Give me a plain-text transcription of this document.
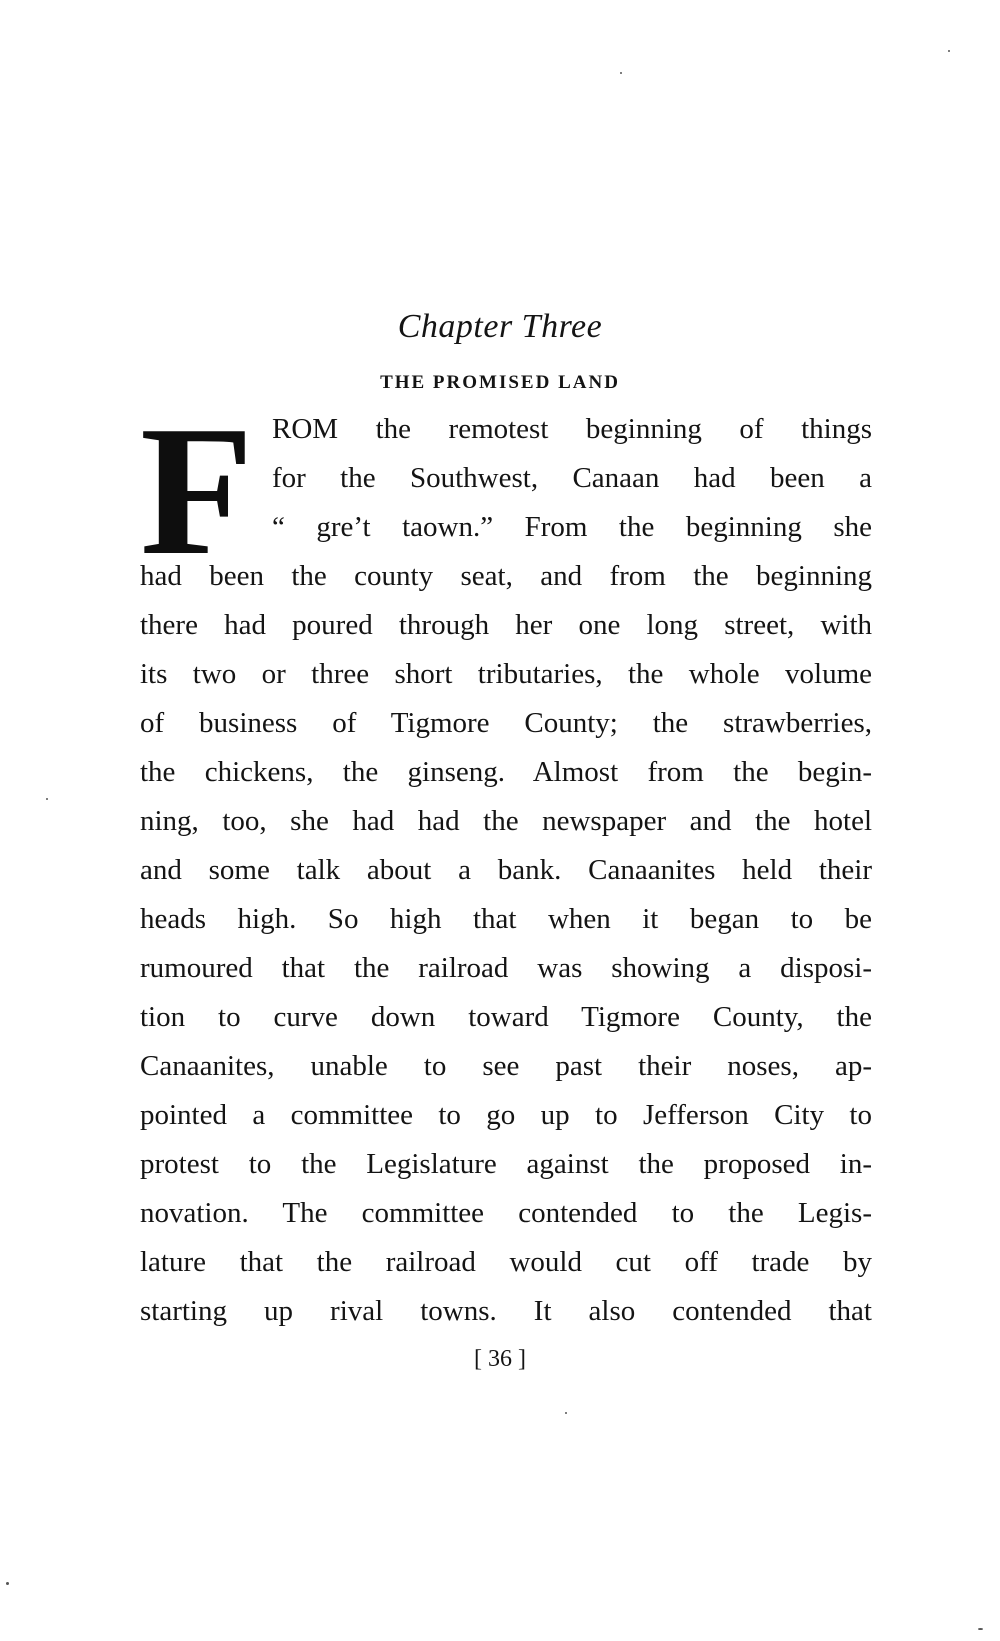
Chapter Three
THE PROMISED LAND
F ROM the remotest beginning of things
for the Southwest, Canaan had been a
“ gre’t taown.” From the beginning she
had been the county seat, and from the beginning
there had poured through her one long street, with
its two or three short tributaries, the whole volume
of business of Tigmore County; the strawberries,
the chickens, the ginseng. Almost from the begin-
ning, too, she had had the newspaper and the hotel
and some talk about a bank. Canaanites held their
heads high. So high that when it began to be
rumoured that the railroad was showing a disposi-
tion to curve down toward Tigmore County, the
Canaanites, unable to see past their noses, ap-
pointed a committee to go up to Jefferson City to
protest to the Legislature against the proposed in-
novation. The committee contended to the Legis-
lature that the railroad would cut off trade by
starting up rival towns. It also contended that
[ 36 ]
